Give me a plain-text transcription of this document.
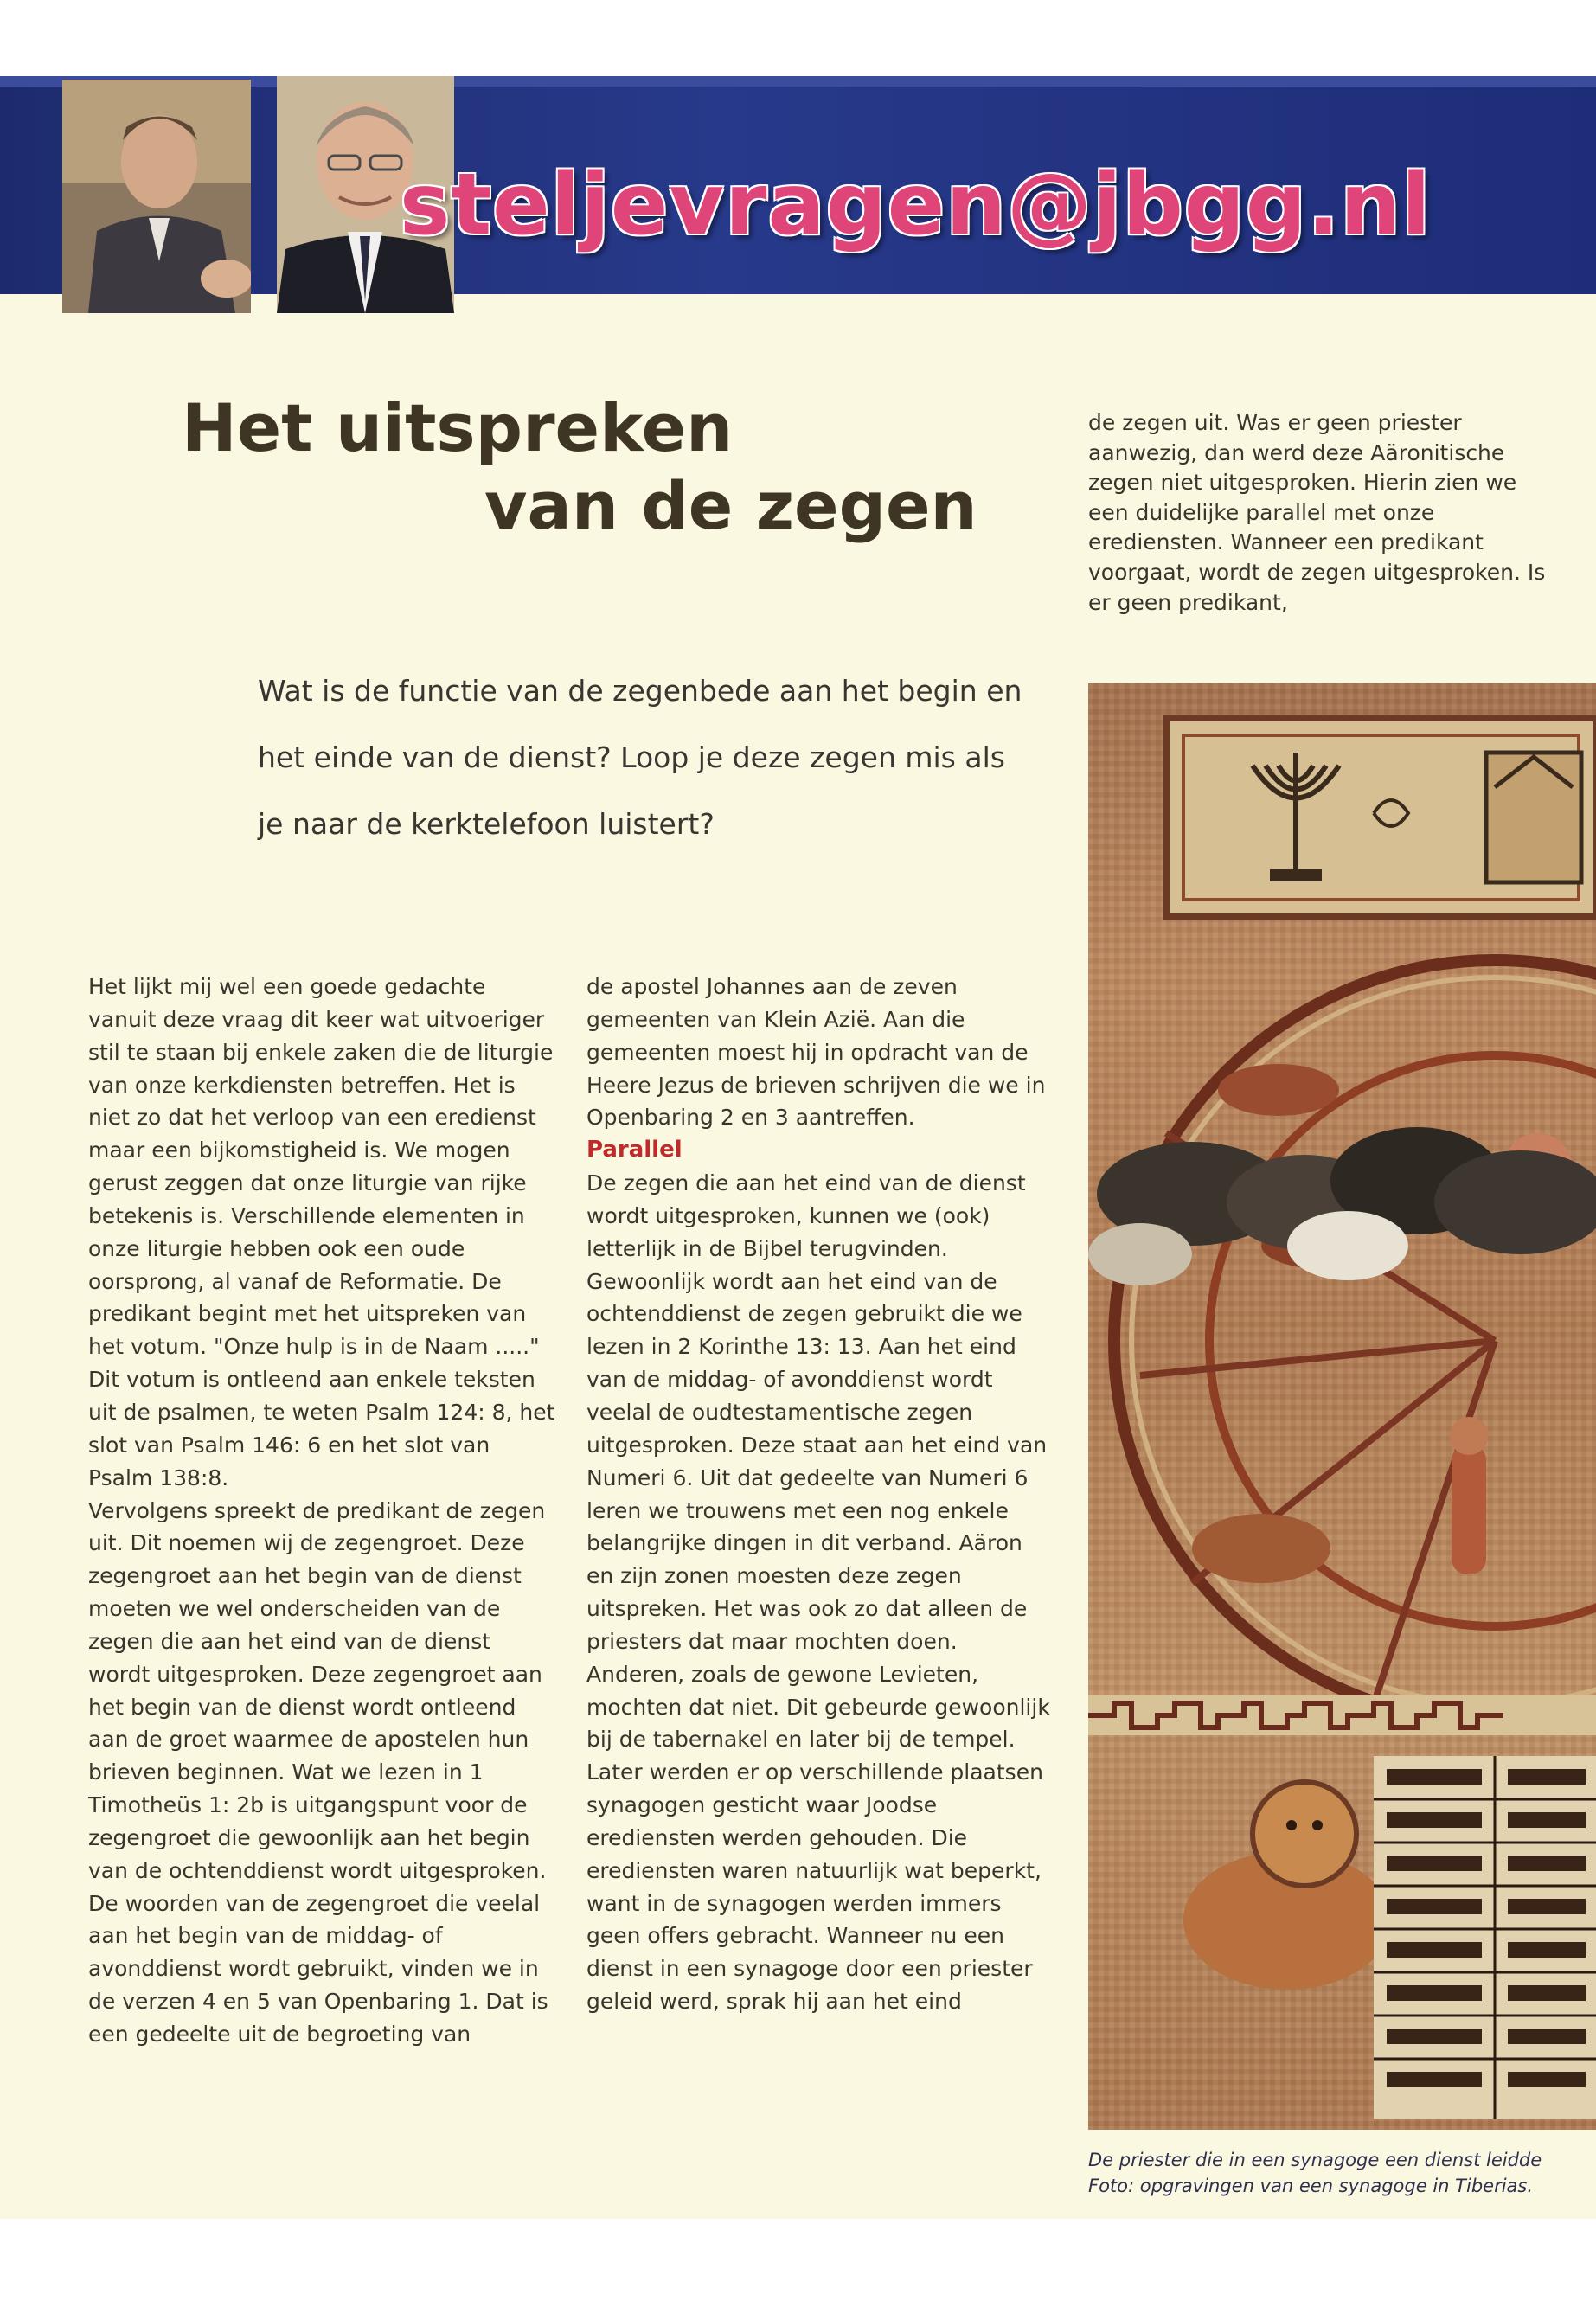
steljevragen@jbgg.nl
Het uitspreken
van de zegen
Wat is de functie van de zegenbede aan het begin en het einde van de dienst? Loop je deze zegen mis als je naar de kerktelefoon luistert?

Het lijkt mij wel een goede gedachte vanuit deze vraag dit keer wat uitvoeriger stil te staan bij enkele zaken die de liturgie van onze kerkdiensten betreffen. Het is niet zo dat het verloop van een eredienst maar een bijkomstigheid is. We mogen gerust zeggen dat onze liturgie van rijke betekenis is. Verschillende elementen in onze liturgie hebben ook een oude oorsprong, al vanaf de Reformatie. De predikant begint met het uitspreken van het votum. "Onze hulp is in de Naam ....." Dit votum is ontleend aan enkele teksten uit de psalmen, te weten Psalm 124: 8, het slot van Psalm 146: 6 en het slot van Psalm 138:8.

Vervolgens spreekt de predikant de zegen uit. Dit noemen wij de zegengroet. Deze zegengroet aan het begin van de dienst moeten we wel onderscheiden van de zegen die aan het eind van de dienst wordt uitgesproken. Deze zegengroet aan het begin van de dienst wordt ontleend aan de groet waarmee de apostelen hun brieven beginnen. Wat we lezen in 1 Timotheüs 1: 2b is uitgangspunt voor de zegengroet die gewoonlijk aan het begin van de ochtenddienst wordt uitgesproken. De woorden van de zegengroet die veelal aan het begin van de middag- of avonddienst wordt gebruikt, vinden we in de verzen 4 en 5 van Openbaring 1. Dat is een gedeelte uit de begroeting van

de apostel Johannes aan de zeven gemeenten van Klein Azië. Aan die gemeenten moest hij in opdracht van de Heere Jezus de brieven schrijven die we in Openbaring 2 en 3 aantreffen.

Parallel

De zegen die aan het eind van de dienst wordt uitgesproken, kunnen we (ook) letterlijk in de Bijbel terugvinden. Gewoonlijk wordt aan het eind van de ochtenddienst de zegen gebruikt die we lezen in 2 Korinthe 13: 13. Aan het eind van de middag- of avonddienst wordt veelal de oudtestamentische zegen uitgesproken. Deze staat aan het eind van Numeri 6. Uit dat gedeelte van Numeri 6 leren we trouwens met een nog enkele belangrijke dingen in dit verband. Aäron en zijn zonen moesten deze zegen uitspreken. Het was ook zo dat alleen de priesters dat maar mochten doen. Anderen, zoals de gewone Levieten, mochten dat niet. Dit gebeurde gewoonlijk bij de tabernakel en later bij de tempel. Later werden er op verschillende plaatsen synagogen gesticht waar Joodse erediensten werden gehouden. Die erediensten waren natuurlijk wat beperkt, want in de synagogen werden immers geen offers gebracht. Wanneer nu een dienst in een synagoge door een priester geleid werd, sprak hij aan het eind

de zegen uit. Was er geen priester aanwezig, dan werd deze Aäronitische zegen niet uitgesproken. Hierin zien we een duidelijke parallel met onze erediensten. Wanneer een predikant voorgaat, wordt de zegen uitgesproken. Is er geen predikant,

De priester die in een synagoge een dienst leidde
Foto: opgravingen van een synagoge in Tiberias.
